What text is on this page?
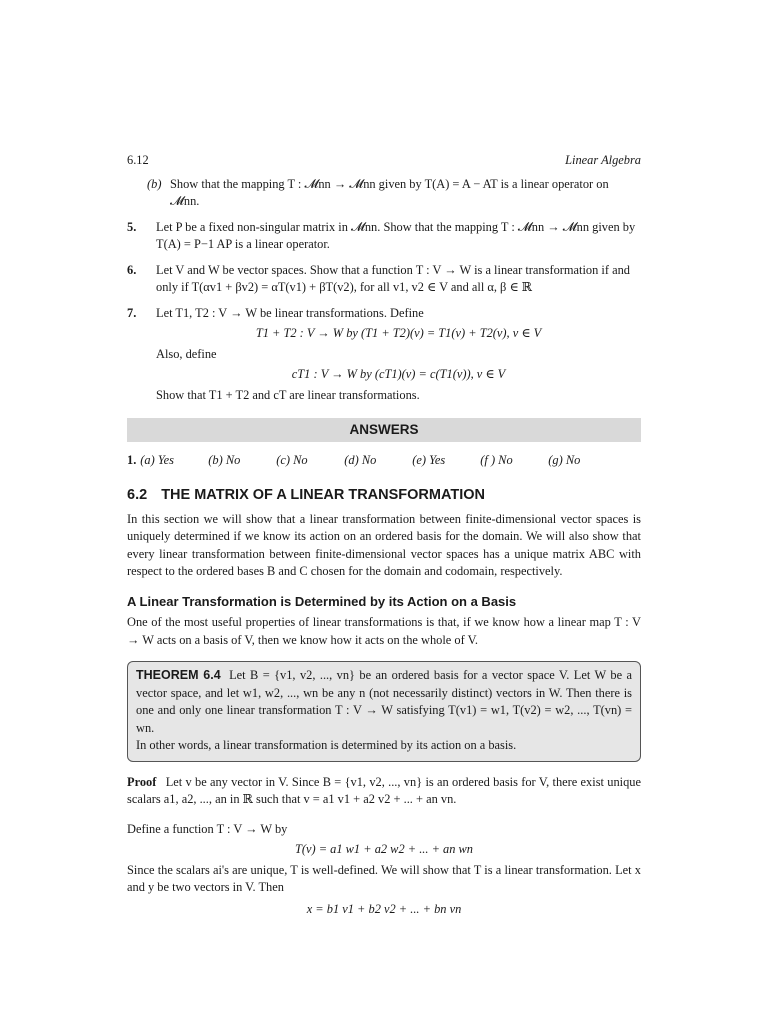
6.12	Linear Algebra
(b) Show that the mapping T : 𝓜nn → 𝓜nn given by T(A) = A − AT is a linear operator on 𝓜nn.
5. Let P be a fixed non-singular matrix in 𝓜nn. Show that the mapping T : 𝓜nn → 𝓜nn given by T(A) = P−1 AP is a linear operator.
6. Let V and W be vector spaces. Show that a function T : V → W is a linear transformation if and only if T(αv1 + βv2) = αT(v1) + βT(v2), for all v1, v2 ∈ V and all α, β ∈ ℝ
7. Let T1, T2 : V → W be linear transformations. Define
T1 + T2 : V → W by (T1 + T2)(v) = T1(v) + T2(v), v ∈ V
Also, define
cT1 : V → W by (cT1)(v) = c(T1(v)), v ∈ V
Show that T1 + T2 and cT are linear transformations.
ANSWERS
1. (a) Yes	(b) No	(c) No	(d) No	(e) Yes	(f ) No	(g) No
6.2 THE MATRIX OF A LINEAR TRANSFORMATION
In this section we will show that a linear transformation between finite-dimensional vector spaces is uniquely determined if we know its action on an ordered basis for the domain. We will also show that every linear transformation between finite-dimensional vector spaces has a unique matrix ABC with respect to the ordered bases B and C chosen for the domain and codomain, respectively.
A Linear Transformation is Determined by its Action on a Basis
One of the most useful properties of linear transformations is that, if we know how a linear map T : V → W acts on a basis of V, then we know how it acts on the whole of V.
THEOREM 6.4 Let B = {v1, v2, ..., vn} be an ordered basis for a vector space V. Let W be a vector space, and let w1, w2, ..., wn be any n (not necessarily distinct) vectors in W. Then there is one and only one linear transformation T : V → W satisfying T(v1) = w1, T(v2) = w2, ..., T(vn) = wn.
In other words, a linear transformation is determined by its action on a basis.
Proof Let v be any vector in V. Since B = {v1, v2, ..., vn} is an ordered basis for V, there exist unique scalars a1, a2, ..., an in ℝ such that v = a1 v1 + a2 v2 + ... + an vn.
Define a function T : V → W by
T(v) = a1 w1 + a2 w2 + ... + an wn
Since the scalars ai's are unique, T is well-defined. We will show that T is a linear transformation. Let x and y be two vectors in V. Then
x = b1 v1 + b2 v2 + ... + bn vn
